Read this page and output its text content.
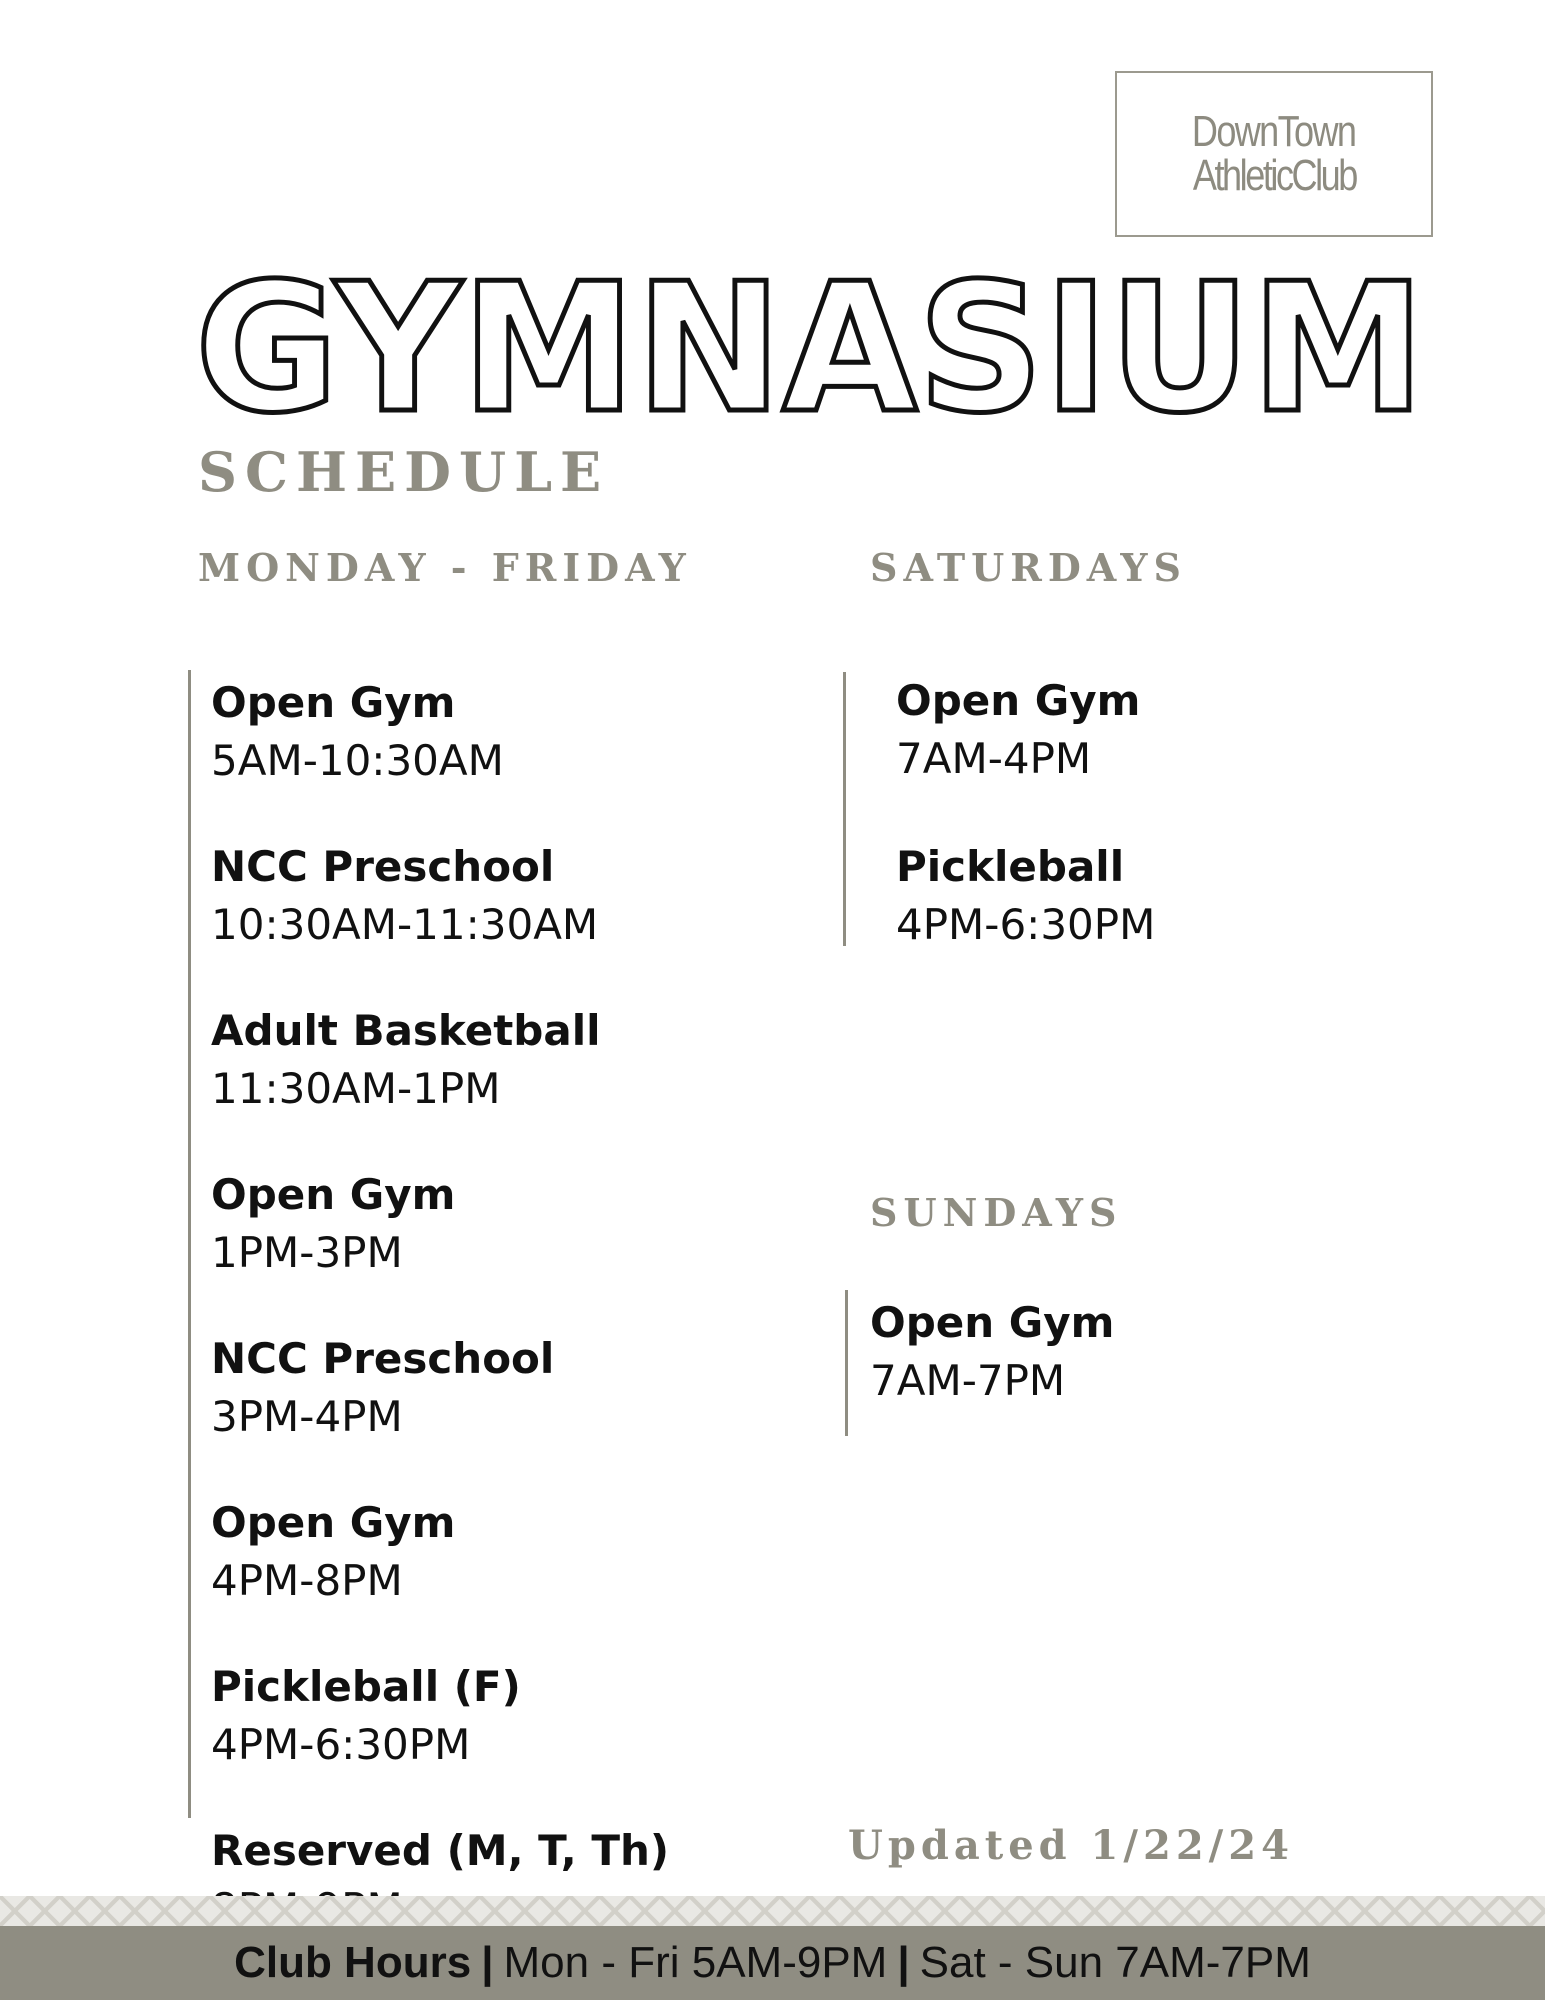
DownTown
AthleticClub
GYMNASIUM
SCHEDULE
MONDAY - FRIDAY	SATURDAYS
SUNDAYS
Open Gym
5AM-10:30AM
NCC Preschool
10:30AM-11:30AM
Adult Basketball
11:30AM-1PM
Open Gym
1PM-3PM
NCC Preschool
3PM-4PM
Open Gym
4PM-8PM
Pickleball (F)
4PM-6:30PM
Reserved (M, T, Th)
Open Gym
7AM-4PM
Pickleball
4PM-6:30PM
Open Gym
7AM-7PM

Updated 1/22/24

Club Hours | Mon - Fri 5AM-9PM | Sat - Sun 7AM-7PM
